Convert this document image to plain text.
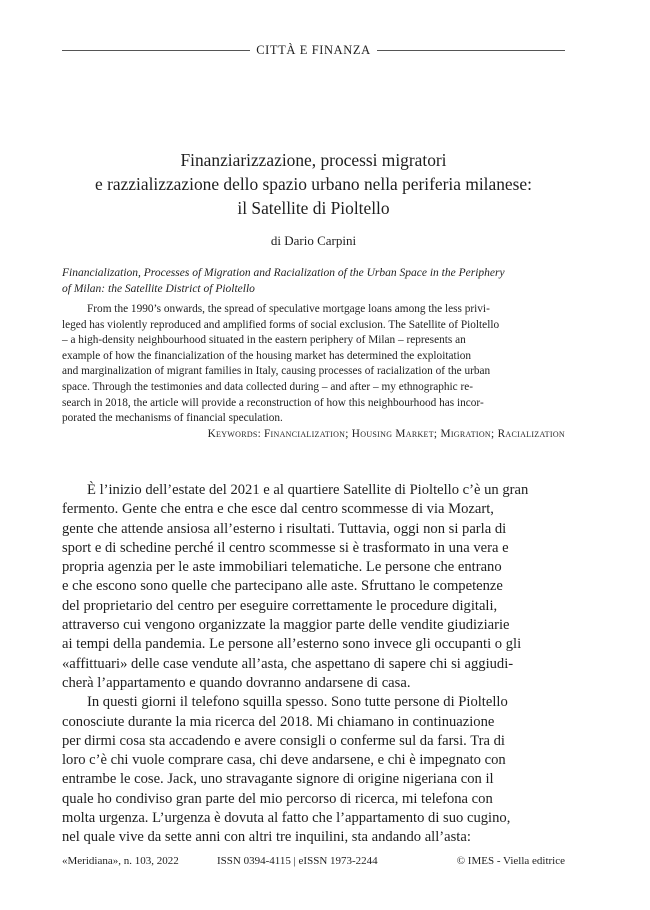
CITTÀ E FINANZA
Finanziarizzazione, processi migratori
e razzializzazione dello spazio urbano nella periferia milanese:
il Satellite di Pioltello
di Dario Carpini
Financialization, Processes of Migration and Racialization of the Urban Space in the Periphery
of Milan: the Satellite District of Pioltello
From the 1990’s onwards, the spread of speculative mortgage loans among the less privi-
leged has violently reproduced and amplified forms of social exclusion. The Satellite of Pioltello
– a high-density neighbourhood situated in the eastern periphery of Milan – represents an
example of how the financialization of the housing market has determined the exploitation
and marginalization of migrant families in Italy, causing processes of racialization of the urban
space. Through the testimonies and data collected during – and after – my ethnographic re-
search in 2018, the article will provide a reconstruction of how this neighbourhood has incor-
porated the mechanisms of financial speculation.
Keywords: Financialization; Housing Market; Migration; Racialization
È l’inizio dell’estate del 2021 e al quartiere Satellite di Pioltello c’è un gran
fermento. Gente che entra e che esce dal centro scommesse di via Mozart,
gente che attende ansiosa all’esterno i risultati. Tuttavia, oggi non si parla di
sport e di schedine perché il centro scommesse si è trasformato in una vera e
propria agenzia per le aste immobiliari telematiche. Le persone che entrano
e che escono sono quelle che partecipano alle aste. Sfruttano le competenze
del proprietario del centro per eseguire correttamente le procedure digitali,
attraverso cui vengono organizzate la maggior parte delle vendite giudiziarie
ai tempi della pandemia. Le persone all’esterno sono invece gli occupanti o gli
«affittuari» delle case vendute all’asta, che aspettano di sapere chi si aggiudi-
cherà l’appartamento e quando dovranno andarsene di casa.
In questi giorni il telefono squilla spesso. Sono tutte persone di Pioltello
conosciute durante la mia ricerca del 2018. Mi chiamano in continuazione
per dirmi cosa sta accadendo e avere consigli o conferme sul da farsi. Tra di
loro c’è chi vuole comprare casa, chi deve andarsene, e chi è impegnato con
entrambe le cose. Jack, uno stravagante signore di origine nigeriana con il
quale ho condiviso gran parte del mio percorso di ricerca, mi telefona con
molta urgenza. L’urgenza è dovuta al fatto che l’appartamento di suo cugino,
nel quale vive da sette anni con altri tre inquilini, sta andando all’asta:
«Meridiana», n. 103, 2022	ISSN 0394-4115 | eISSN 1973-2244	© IMES - Viella editrice
